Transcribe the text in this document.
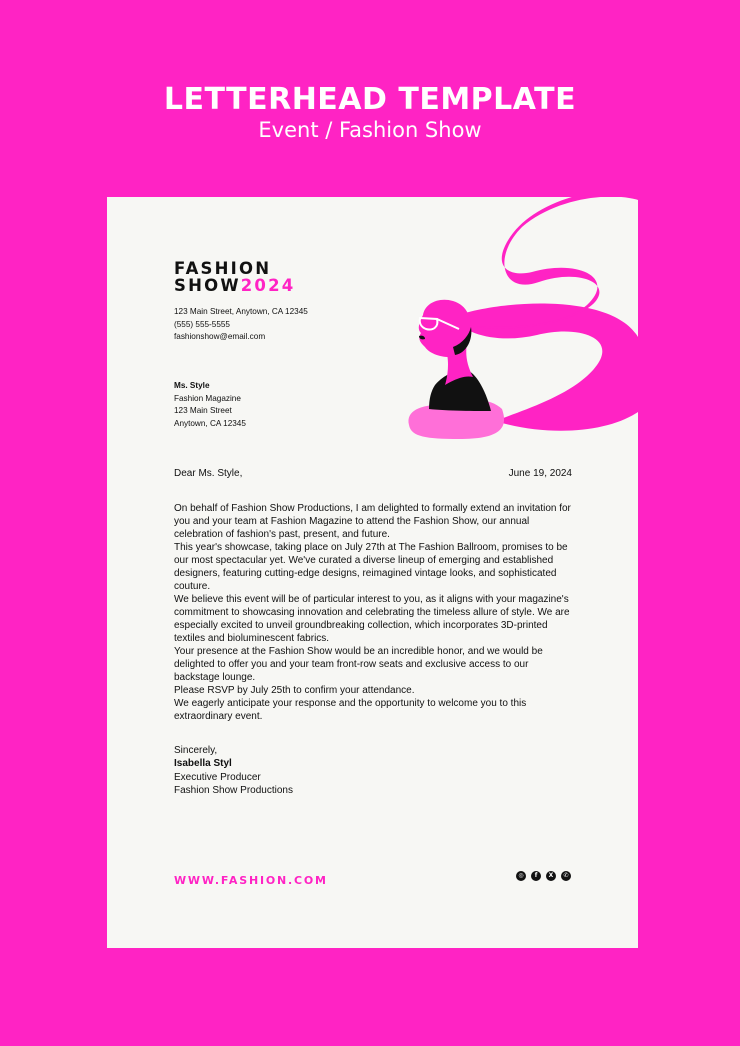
LETTERHEAD TEMPLATE
Event / Fashion Show
FASHION
SHOW2024
123 Main Street, Anytown, CA 12345
(555) 555-5555
fashionshow@email.com
Ms. Style
Fashion Magazine
123 Main Street
Anytown, CA 12345
Dear Ms. Style,	June 19, 2024

On behalf of Fashion Show Productions, I am delighted to formally extend an invitation for you and your team at Fashion Magazine to attend the Fashion Show, our annual celebration of fashion's past, present, and future.

This year's showcase, taking place on July 27th at The Fashion Ballroom, promises to be our most spectacular yet. We've curated a diverse lineup of emerging and established designers, featuring cutting-edge designs, reimagined vintage looks, and sophisticated couture.

We believe this event will be of particular interest to you, as it aligns with your magazine's commitment to showcasing innovation and celebrating the timeless allure of style. We are especially excited to unveil groundbreaking collection, which incorporates 3D-printed textiles and bioluminescent fabrics.

Your presence at the Fashion Show would be an incredible honor, and we would be delighted to offer you and your team front-row seats and exclusive access to our backstage lounge.

Please RSVP by July 25th to confirm your attendance.

We eagerly anticipate your response and the opportunity to welcome you to this extraordinary event.

Sincerely,
Isabella Styl
Executive Producer
Fashion Show Productions
WWW.FASHION.COM	◎	f	X	✆
